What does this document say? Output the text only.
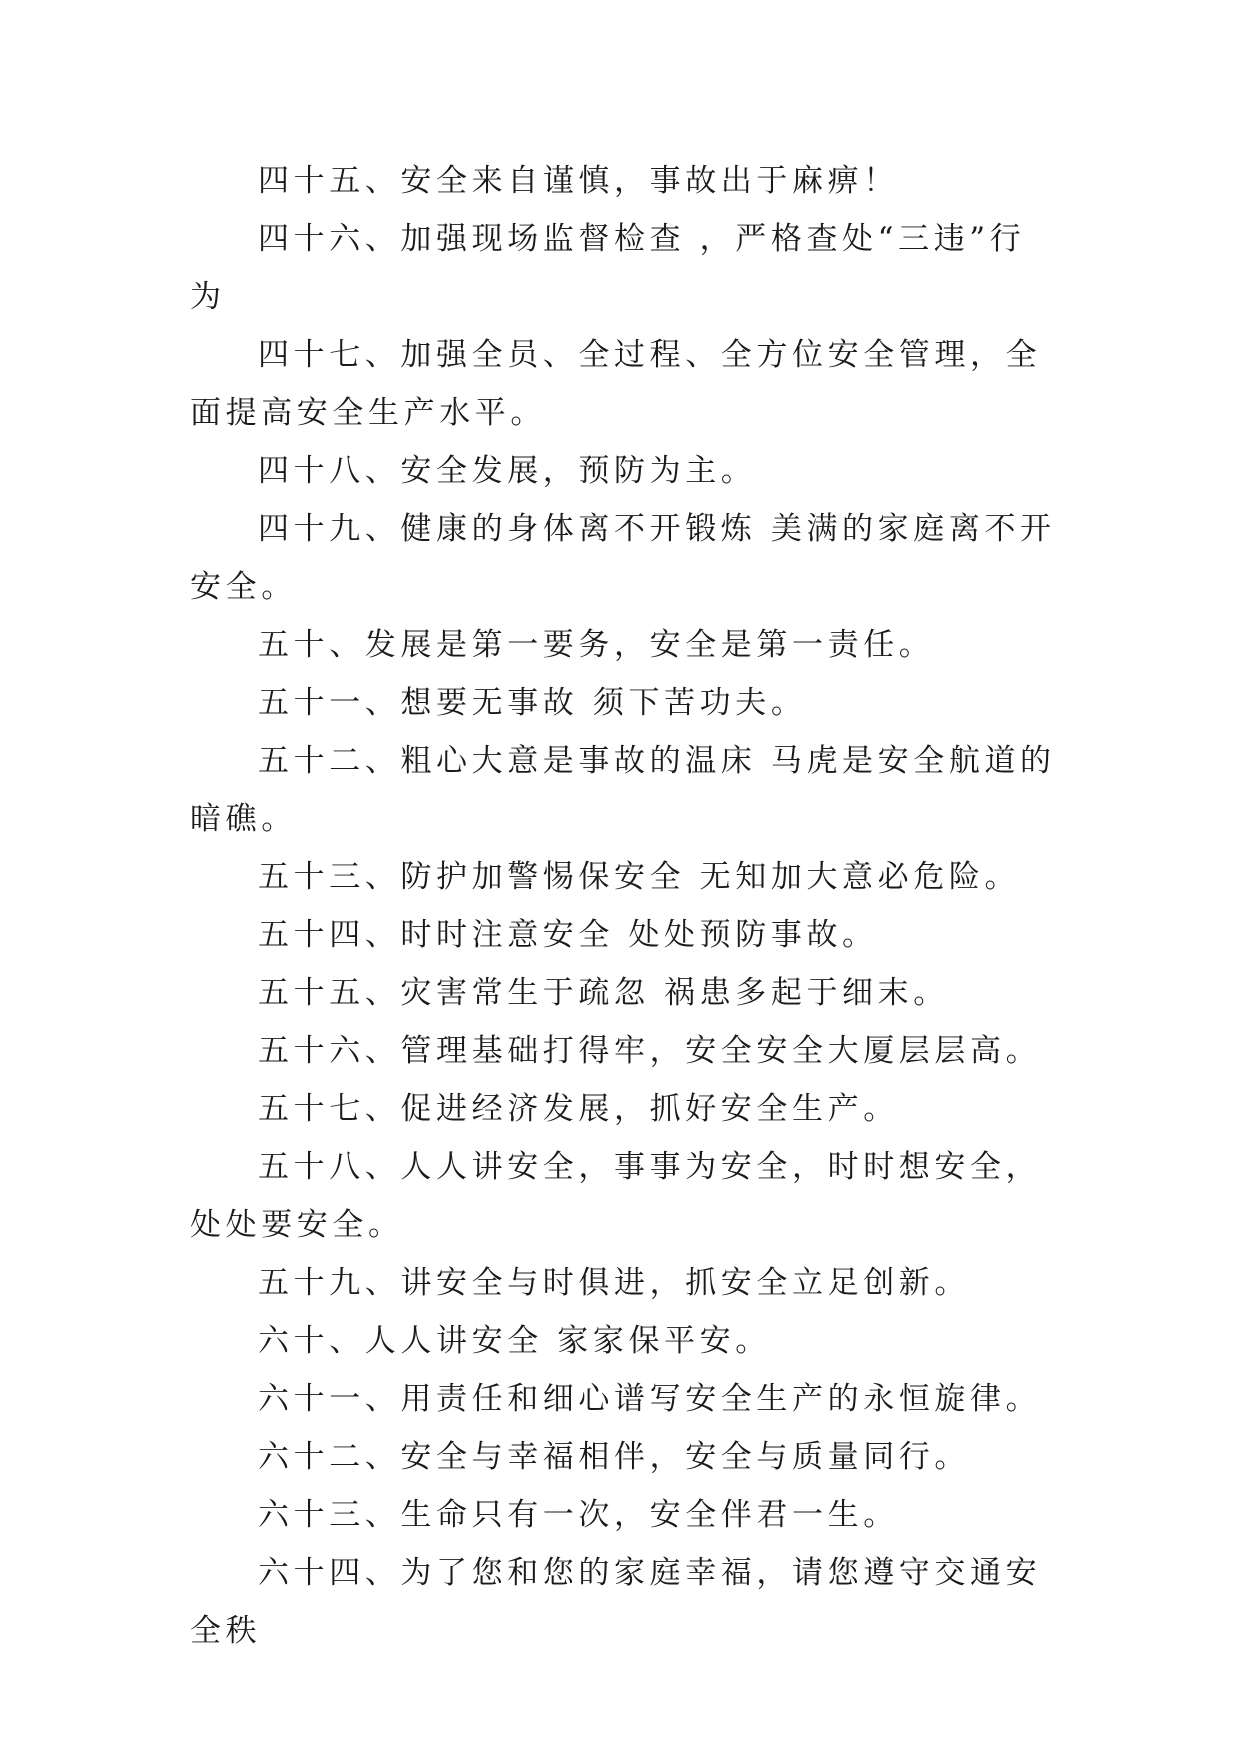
四十五、安全来自谨慎，事故出于麻痹！

四十六、加强现场监督检查 ，严格查处“三违”行为

四十七、加强全员、全过程、全方位安全管理，全面提高安全生产水平。

四十八、安全发展，预防为主。

四十九、健康的身体离不开锻炼 美满的家庭离不开安全。

五十、发展是第一要务，安全是第一责任。

五十一、想要无事故 须下苦功夫。

五十二、粗心大意是事故的温床 马虎是安全航道的暗礁。

五十三、防护加警惕保安全 无知加大意必危险。

五十四、时时注意安全 处处预防事故。

五十五、灾害常生于疏忽 祸患多起于细末。

五十六、管理基础打得牢，安全安全大厦层层高。

五十七、促进经济发展，抓好安全生产。

五十八、人人讲安全，事事为安全，时时想安全，处处要安全。

五十九、讲安全与时俱进，抓安全立足创新。

六十、人人讲安全 家家保平安。

六十一、用责任和细心谱写安全生产的永恒旋律。

六十二、安全与幸福相伴，安全与质量同行。

六十三、生命只有一次，安全伴君一生。

六十四、为了您和您的家庭幸福，请您遵守交通安全秩
